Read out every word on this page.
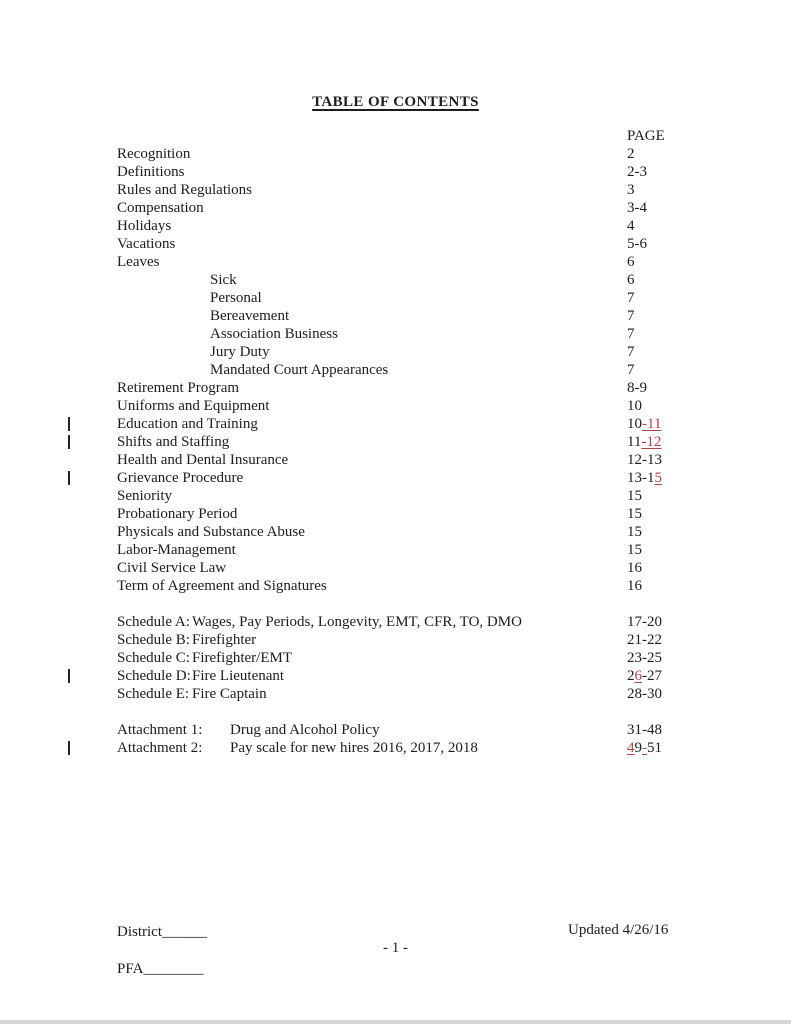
TABLE OF CONTENTS
PAGE
Recognition	2
Definitions	2-3
Rules and Regulations	3
Compensation	3-4
Holidays	4
Vacations	5-6
Leaves	6
Sick	6
Personal	7
Bereavement	7
Association Business	7
Jury Duty	7
Mandated Court Appearances	7
Retirement Program	8-9
Uniforms and Equipment	10
Education and Training	10-11
Shifts and Staffing	11-12
Health and Dental Insurance	12-13
Grievance Procedure	13-15
Seniority	15
Probationary Period	15
Physicals and Substance Abuse	15
Labor-Management	15
Civil Service Law	16
Term of Agreement and Signatures	16
Schedule A: Wages, Pay Periods, Longevity, EMT, CFR, TO, DMO	17-20
Schedule B: Firefighter	21-22
Schedule C: Firefighter/EMT	23-25
Schedule D: Fire Lieutenant	26-27
Schedule E: Fire Captain	28-30
Attachment 1: Drug and Alcohol Policy	31-48
Attachment 2: Pay scale for new hires 2016, 2017, 2018	49-51
District______	Updated 4/26/16
- 1 -
PFA________
